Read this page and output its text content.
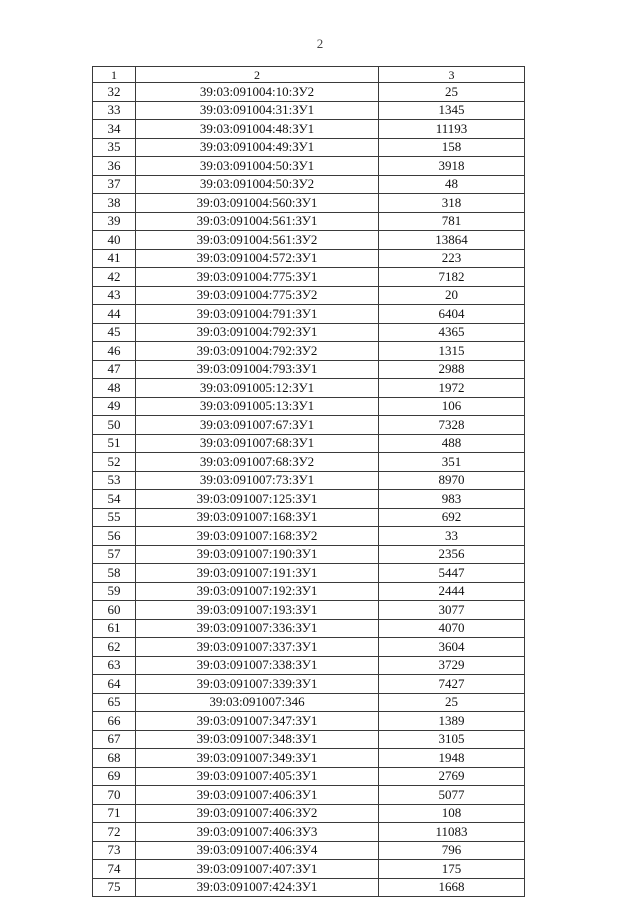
2
1	2	3
32	39:03:091004:10:ЗУ2	25
33	39:03:091004:31:ЗУ1	1345
34	39:03:091004:48:ЗУ1	11193
35	39:03:091004:49:ЗУ1	158
36	39:03:091004:50:ЗУ1	3918
37	39:03:091004:50:ЗУ2	48
38	39:03:091004:560:ЗУ1	318
39	39:03:091004:561:ЗУ1	781
40	39:03:091004:561:ЗУ2	13864
41	39:03:091004:572:ЗУ1	223
42	39:03:091004:775:ЗУ1	7182
43	39:03:091004:775:ЗУ2	20
44	39:03:091004:791:ЗУ1	6404
45	39:03:091004:792:ЗУ1	4365
46	39:03:091004:792:ЗУ2	1315
47	39:03:091004:793:ЗУ1	2988
48	39:03:091005:12:ЗУ1	1972
49	39:03:091005:13:ЗУ1	106
50	39:03:091007:67:ЗУ1	7328
51	39:03:091007:68:ЗУ1	488
52	39:03:091007:68:ЗУ2	351
53	39:03:091007:73:ЗУ1	8970
54	39:03:091007:125:ЗУ1	983
55	39:03:091007:168:ЗУ1	692
56	39:03:091007:168:ЗУ2	33
57	39:03:091007:190:ЗУ1	2356
58	39:03:091007:191:ЗУ1	5447
59	39:03:091007:192:ЗУ1	2444
60	39:03:091007:193:ЗУ1	3077
61	39:03:091007:336:ЗУ1	4070
62	39:03:091007:337:ЗУ1	3604
63	39:03:091007:338:ЗУ1	3729
64	39:03:091007:339:ЗУ1	7427
65	39:03:091007:346	25
66	39:03:091007:347:ЗУ1	1389
67	39:03:091007:348:ЗУ1	3105
68	39:03:091007:349:ЗУ1	1948
69	39:03:091007:405:ЗУ1	2769
70	39:03:091007:406:ЗУ1	5077
71	39:03:091007:406:ЗУ2	108
72	39:03:091007:406:ЗУ3	11083
73	39:03:091007:406:ЗУ4	796
74	39:03:091007:407:ЗУ1	175
75	39:03:091007:424:ЗУ1	1668
